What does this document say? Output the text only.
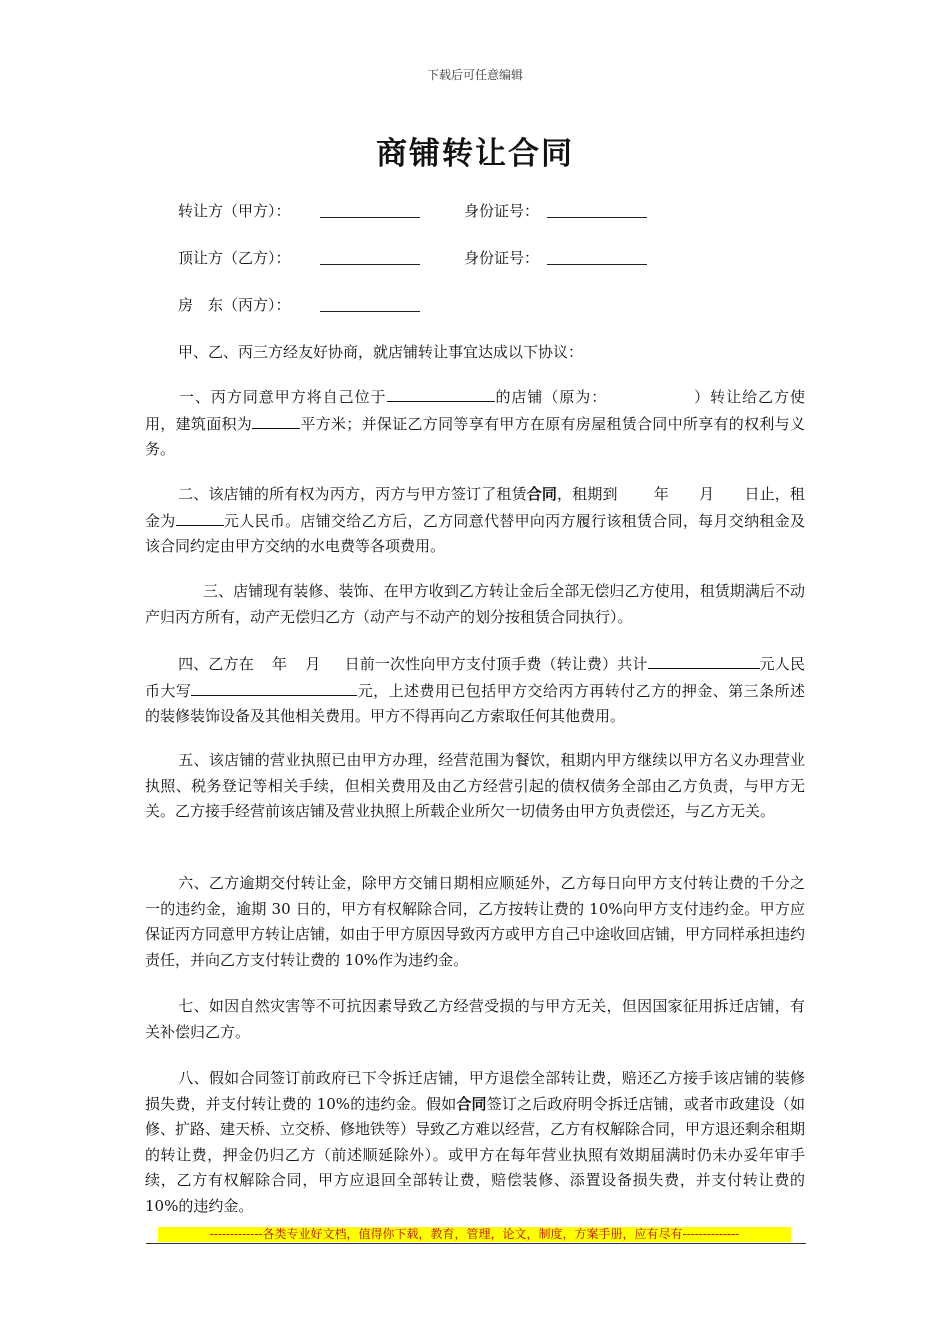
下载后可任意编辑
商铺转让合同
转让方（甲方）：	身份证号：
顶让方（乙方）：	身份证号：
房 东（丙方）：
甲、乙、丙三方经友好协商，就店铺转让事宜达成以下协议：
一、丙方同意甲方将自己位于	的店铺（原为：	）转让给乙方使用，建筑面积为	平方米；并保证乙方同等享有甲方在原有房屋租赁合同中所享有的权利与义务。
二、该店铺的所有权为丙方，丙方与甲方签订了租赁合同，租期到 年 月 日止，租金为	元人民币。店铺交给乙方后，乙方同意代替甲向丙方履行该租赁合同，每月交纳租金及该合同约定由甲方交纳的水电费等各项费用。
三、店铺现有装修、装饰、在甲方收到乙方转让金后全部无偿归乙方使用，租赁期满后不动产归丙方所有，动产无偿归乙方（动产与不动产的划分按租赁合同执行）。
四、乙方在 年 月 日前一次性向甲方支付顶手费（转让费）共计	元人民币大写	元，上述费用已包括甲方交给丙方再转付乙方的押金、第三条所述的装修装饰设备及其他相关费用。甲方不得再向乙方索取任何其他费用。
五、该店铺的营业执照已由甲方办理，经营范围为餐饮，租期内甲方继续以甲方名义办理营业执照、税务登记等相关手续，但相关费用及由乙方经营引起的债权债务全部由乙方负责，与甲方无关。乙方接手经营前该店铺及营业执照上所载企业所欠一切债务由甲方负责偿还，与乙方无关。
六、乙方逾期交付转让金，除甲方交铺日期相应顺延外，乙方每日向甲方支付转让费的千分之一的违约金，逾期 30 日的，甲方有权解除合同，乙方按转让费的 10%向甲方支付违约金。甲方应保证丙方同意甲方转让店铺，如由于甲方原因导致丙方或甲方自己中途收回店铺，甲方同样承担违约责任，并向乙方支付转让费的 10%作为违约金。
七、如因自然灾害等不可抗因素导致乙方经营受损的与甲方无关，但因国家征用拆迁店铺，有关补偿归乙方。
八、假如合同签订前政府已下令拆迁店铺，甲方退偿全部转让费，赔还乙方接手该店铺的装修损失费，并支付转让费的 10%的违约金。假如合同签订之后政府明令拆迁店铺，或者市政建设（如修、扩路、建天桥、立交桥、修地铁等）导致乙方难以经营，乙方有权解除合同，甲方退还剩余租期的转让费，押金仍归乙方（前述顺延除外）。或甲方在每年营业执照有效期届满时仍未办妥年审手续，乙方有权解除合同，甲方应退回全部转让费，赔偿装修、添置设备损失费，并支付转让费的 10%的违约金。
-------------各类专业好文档，值得你下载，教育，管理，论文，制度，方案手册，应有尽有--------------
